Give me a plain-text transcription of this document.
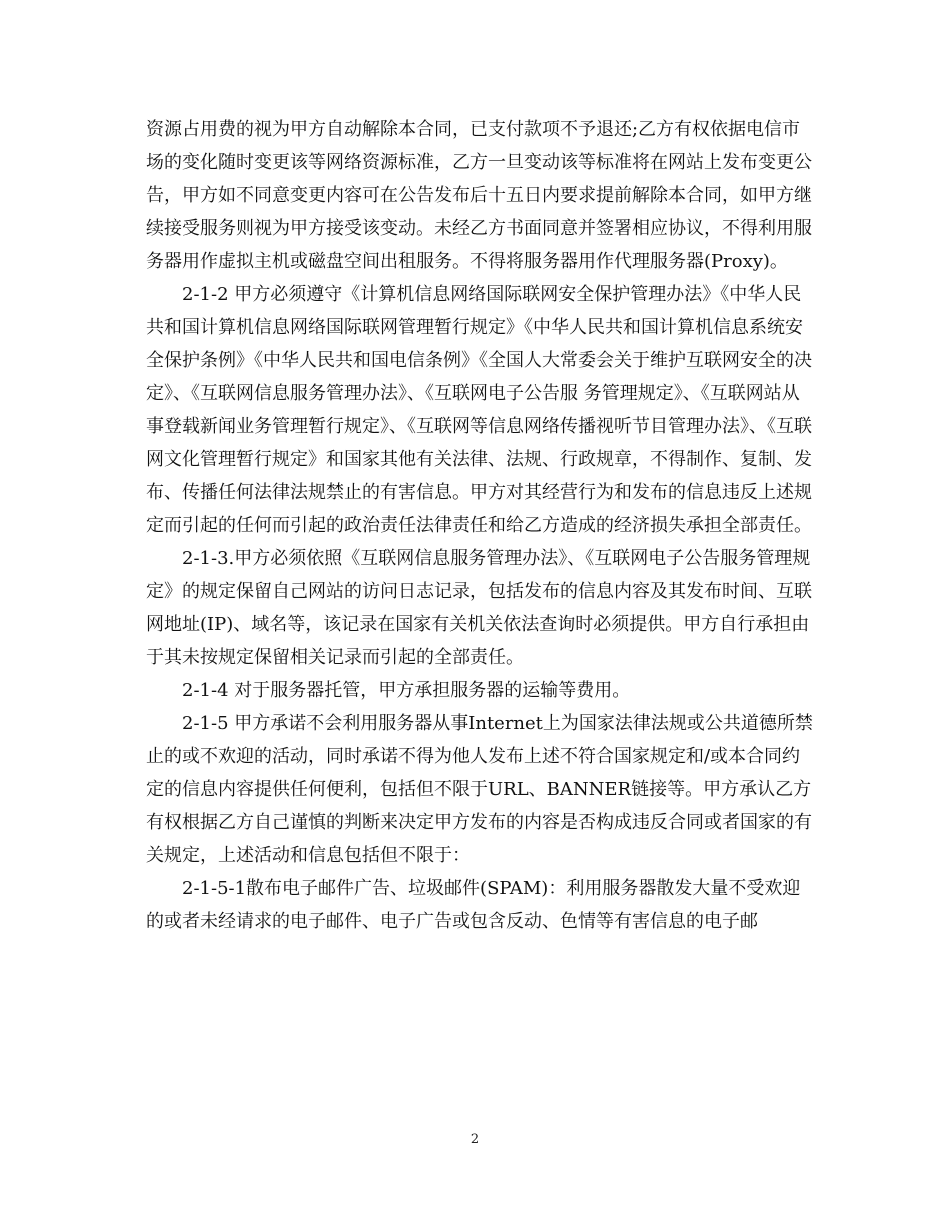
资源占用费的视为甲方自动解除本合同，已支付款项不予退还;乙方有权依据电信市场的变化随时变更该等网络资源标准，乙方一旦变动该等标准将在网站上发布变更公告，甲方如不同意变更内容可在公告发布后十五日内要求提前解除本合同，如甲方继续接受服务则视为甲方接受该变动。未经乙方书面同意并签署相应协议，不得利用服务器用作虚拟主机或磁盘空间出租服务。不得将服务器用作代理服务器(Proxy)。

2-1-2 甲方必须遵守《计算机信息网络国际联网安全保护管理办法》《中华人民共和国计算机信息网络国际联网管理暂行规定》《中华人民共和国计算机信息系统安全保护条例》《中华人民共和国电信条例》《全国人大常委会关于维护互联网安全的决定》、《互联网信息服务管理办法》、《互联网电子公告服 务管理规定》、《互联网站从事登载新闻业务管理暂行规定》、《互联网等信息网络传播视听节目管理办法》、《互联网文化管理暂行规定》和国家其他有关法律、法规、行政规章，不得制作、复制、发布、传播任何法律法规禁止的有害信息。甲方对其经营行为和发布的信息违反上述规定而引起的任何而引起的政治责任法律责任和给乙方造成的经济损失承担全部责任。

2-1-3.甲方必须依照《互联网信息服务管理办法》、《互联网电子公告服务管理规定》的规定保留自己网站的访问日志记录，包括发布的信息内容及其发布时间、互联网地址(IP)、域名等，该记录在国家有关机关依法查询时必须提供。甲方自行承担由于其未按规定保留相关记录而引起的全部责任。

2-1-4 对于服务器托管，甲方承担服务器的运输等费用。

2-1-5 甲方承诺不会利用服务器从事Internet上为国家法律法规或公共道德所禁止的或不欢迎的活动，同时承诺不得为他人发布上述不符合国家规定和/或本合同约定的信息内容提供任何便利，包括但不限于URL、BANNER链接等。甲方承认乙方有权根据乙方自己谨慎的判断来决定甲方发布的内容是否构成违反合同或者国家的有关规定，上述活动和信息包括但不限于：

2-1-5-1散布电子邮件广告、垃圾邮件(SPAM)：利用服务器散发大量不受欢迎的或者未经请求的电子邮件、电子广告或包含反动、色情等有害信息的电子邮

2
